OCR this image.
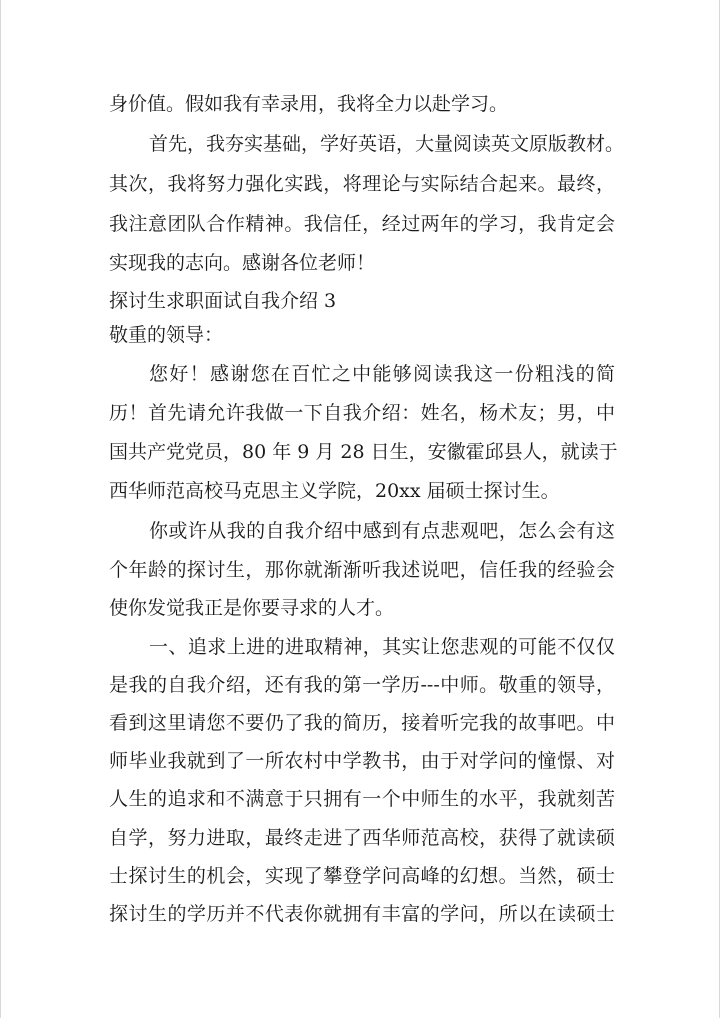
身价值。假如我有幸录用，我将全力以赴学习。
首先，我夯实基础，学好英语，大量阅读英文原版教材。
其次，我将努力强化实践，将理论与实际结合起来。最终，
我注意团队合作精神。我信任，经过两年的学习，我肯定会
实现我的志向。感谢各位老师！
探讨生求职面试自我介绍 3
敬重的领导：
您好！感谢您在百忙之中能够阅读我这一份粗浅的简
历！首先请允许我做一下自我介绍：姓名，杨术友；男，中
国共产党党员，80 年 9 月 28 日生，安徽霍邱县人，就读于
西华师范高校马克思主义学院，20xx 届硕士探讨生。
你或许从我的自我介绍中感到有点悲观吧，怎么会有这
个年龄的探讨生，那你就渐渐听我述说吧，信任我的经验会
使你发觉我正是你要寻求的人才。
一、追求上进的进取精神，其实让您悲观的可能不仅仅
是我的自我介绍，还有我的第一学历---中师。敬重的领导，
看到这里请您不要仍了我的简历，接着听完我的故事吧。中
师毕业我就到了一所农村中学教书，由于对学问的憧憬、对
人生的追求和不满意于只拥有一个中师生的水平，我就刻苦
自学，努力进取，最终走进了西华师范高校，获得了就读硕
士探讨生的机会，实现了攀登学问高峰的幻想。当然，硕士
探讨生的学历并不代表你就拥有丰富的学问，所以在读硕士
